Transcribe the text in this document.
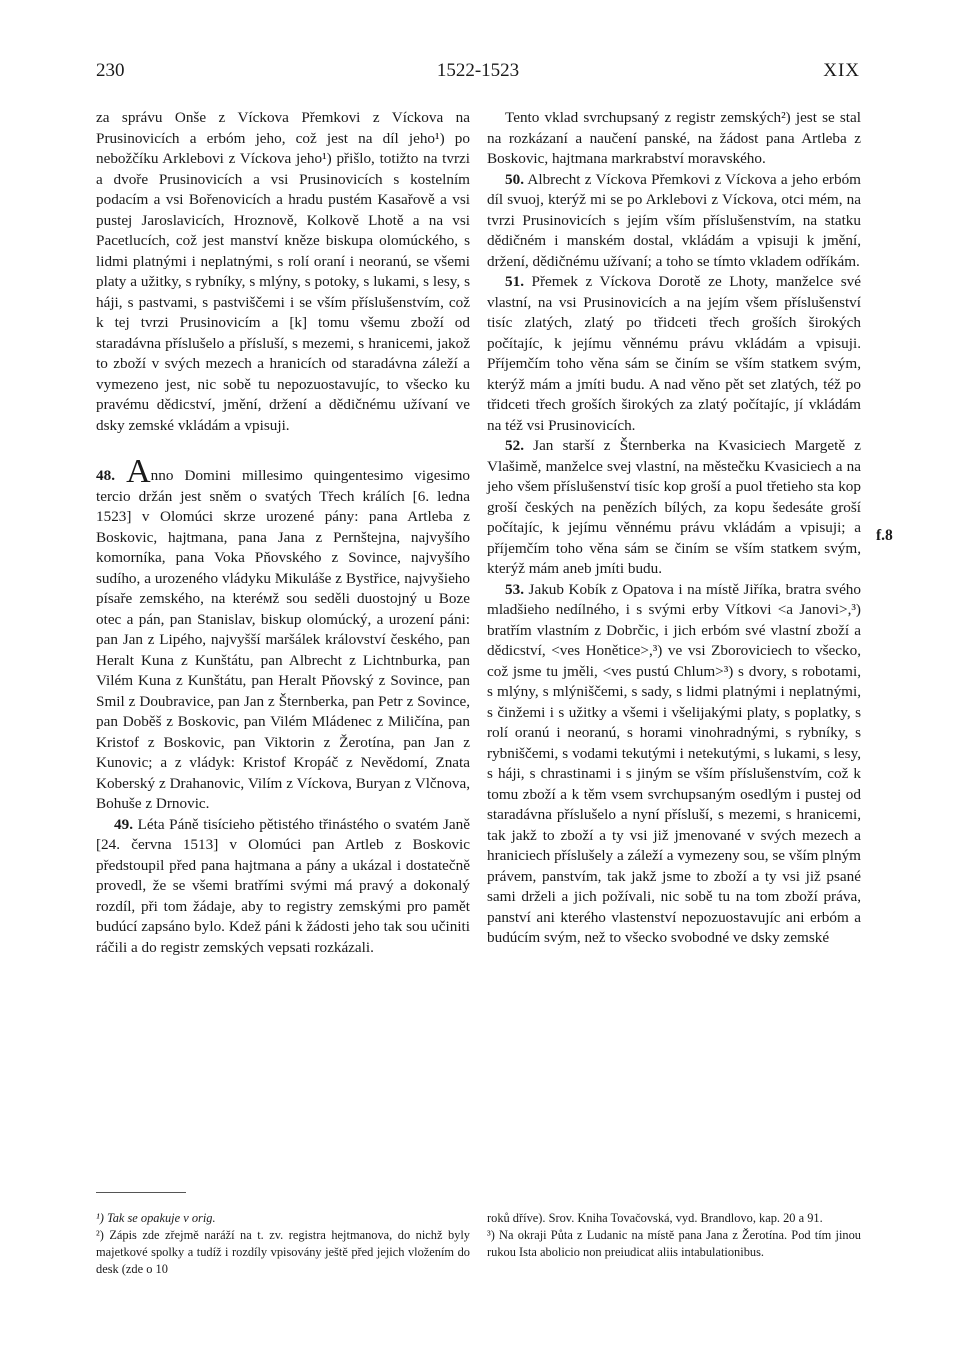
230	1522-1523	XIX

za správu Onše z Víckova Přemkovi z Víckova na Prusinovicích a erbóm jeho, což jest na díl jeho¹) po nebožčíku Arklebovi z Víckova jeho¹) přišlo, totižto na tvrzi a dvoře Prusinovicích a vsi Prusinovicích s kostelním podacím a vsi Bořenovicích a hradu pustém Kasařově a vsi pustej Jaroslavicích, Hroznově, Kolkově Lhotě a na vsi Pacetlucích, což jest manství kněze biskupa olomúckého, s lidmi platnými i neplatnými, s rolí oraní i neoranú, se všemi platy a užitky, s rybníky, s mlýny, s potoky, s lukami, s lesy, s háji, s pastvami, s pastviščemi i se vším příslušenstvím, což k tej tvrzi Prusinovicím a [k] tomu všemu zboží od staradávna příslušelo a přísluší, s mezemi, s hranicemi, jakož to zboží v svých mezech a hranicích od staradávna záleží a vymezeno jest, nic sobě tu nepozuostavujíc, to všecko ku pravému dědicství, jmění, držení a dědičnému užívaní ve dsky zemské vkládám a vpisuji.

48. Anno Domini millesimo quingentesimo vigesimo tercio držán jest sněm o svatých Třech králích [6. ledna 1523] v Olomúci skrze urozené pány: pana Artleba z Boskovic, hajtmana, pana Jana z Pernštejna, najvyšího komorníka, pana Voka Pňovského z Sovince, najvyšího sudího, a urozeného vládyku Mikuláše z Bystřice, najvyšieho písaře zemského, na kteréмž sou seděli duostojný u Boze otec a pán, pan Stanislav, biskup olomúcký, a urození páni: pan Jan z Lipého, najvyšší maršálek království českého, pan Heralt Kuna z Kunštátu, pan Albrecht z Lichtnburka, pan Vilém Kuna z Kunštátu, pan Heralt Pňovský z Sovince, pan Smil z Doubravice, pan Jan z Šternberka, pan Petr z Sovince, pan Doběš z Boskovic, pan Vilém Mládenec z Miličína, pan Kristof z Boskovic, pan Viktorin z Žerotína, pan Jan z Kunovic; a z vládyk: Kristof Kropáč z Nevědomí, Znata Koberský z Drahanovic, Vilím z Víckova, Buryan z Vlčnova, Bohuše z Drnovic.

49. Léta Páně tisícieho pětistého třinástého o svatém Janě [24. června 1513] v Olomúci pan Artleb z Boskovic předstoupil před pana hajtmana a pány a ukázal i dostatečně provedl, že se všemi bratřími svými má pravý a dokonalý rozdíl, při tom žádaje, aby to registry zemskými pro pamět budúcí zapsáno bylo. Kdež páni k žádosti jeho tak sou učiniti ráčili a do registr zemských vepsati rozkázali.

Tento vklad svrchupsaný z registr zemských²) jest se stal na rozkázaní a naučení panské, na žádost pana Artleba z Boskovic, hajtmana markrabství moravského.

50. Albrecht z Víckova Přemkovi z Víckova a jeho erbóm díl svuoj, kterýž mi se po Arklebovi z Víckova, otci mém, na tvrzi Prusinovicích s jejím vším příslušenstvím, na statku dědičném i manském dostal, vkládám a vpisuji k jmění, držení, dědičnému užívaní; a toho se tímto vkladem odříkám.

51. Přemek z Víckova Dorotě ze Lhoty, manželce své vlastní, na vsi Prusinovicích a na jejím všem příslušenství tisíc zlatých, zlatý po třidceti třech groších širokých počítajíc, k jejímu věnnému právu vkládám a vpisuji. Příjemčím toho věna sám se činím se vším statkem svým, kterýž mám a jmíti budu. A nad věno pět set zlatých, též po třidceti třech groších širokých za zlatý počítajíc, jí vkládám na též vsi Prusinovicích.

52. Jan starší z Šternberka na Kvasiciech Margetě z Vlašimě, manželce svej vlastní, na městečku Kvasiciech a na jeho všem příslušenství tisíc kop groší a puol třetieho sta kop groší českých na penězích bílých, za kopu šedesáte groší počítajíc, k jejímu věnnému právu vkládám a vpisuji; a příjemčím toho věna sám se činím se vším statkem svým, kterýž mám aneb jmíti budu.

53. Jakub Kobík z Opatova i na místě Jiříka, bratra svého mladšieho nedílného, i s svými erby Vítkovi <a Janovi>,³) bratřím vlastním z Dobrčic, i jich erbóm své vlastní zboží a dědicství, <ves Honětice>,³) ve vsi Zboroviciech to všecko, což jsme tu jměli, <ves pustú Chlum>³) s dvory, s robotami, s mlýny, s mlýniščemi, s sady, s lidmi platnými i neplatnými, s činžemi i s užitky a všemi i všelijakými platy, s poplatky, s rolí oranú i neoranú, s horami vinohradnými, s rybníky, s rybniščemi, s vodami tekutými i netekutými, s lukami, s lesy, s háji, s chrastinami i s jiným se vším příslušenstvím, což k tomu zboží a k těm vsem svrchupsaným osedlým i pustej od staradávna příslušelo a nyní přísluší, s mezemi, s hranicemi, tak jakž to zboží a ty vsi již jmenované v svých mezech a hraniciech příslušely a záleží a vymezeny sou, se vším plným právem, panstvím, tak jakž jsme to zboží a ty vsi již psané sami drželi a jich požívali, nic sobě tu na tom zboží práva, panství ani kterého vlastenství nepozuostavujíc ani erbóm a budúcím svým, než to všecko svobodné ve dsky zemské

f.8

¹) Tak se opakuje v orig.

²) Zápis zde zřejmě naráží na t. zv. registra hejtmanova, do nichž byly majetkové spolky a tudíž i rozdíly vpisovány ještě před jejich vložením do desk (zde o 10

roků dříve). Srov. Kniha Tovačovská, vyd. Brandlovo, kap. 20 a 91.

³) Na okraji Půta z Ludanic na místě pana Jana z Žerotína. Pod tím jinou rukou Ista abolicio non preiudicat aliis intabulationibus.
